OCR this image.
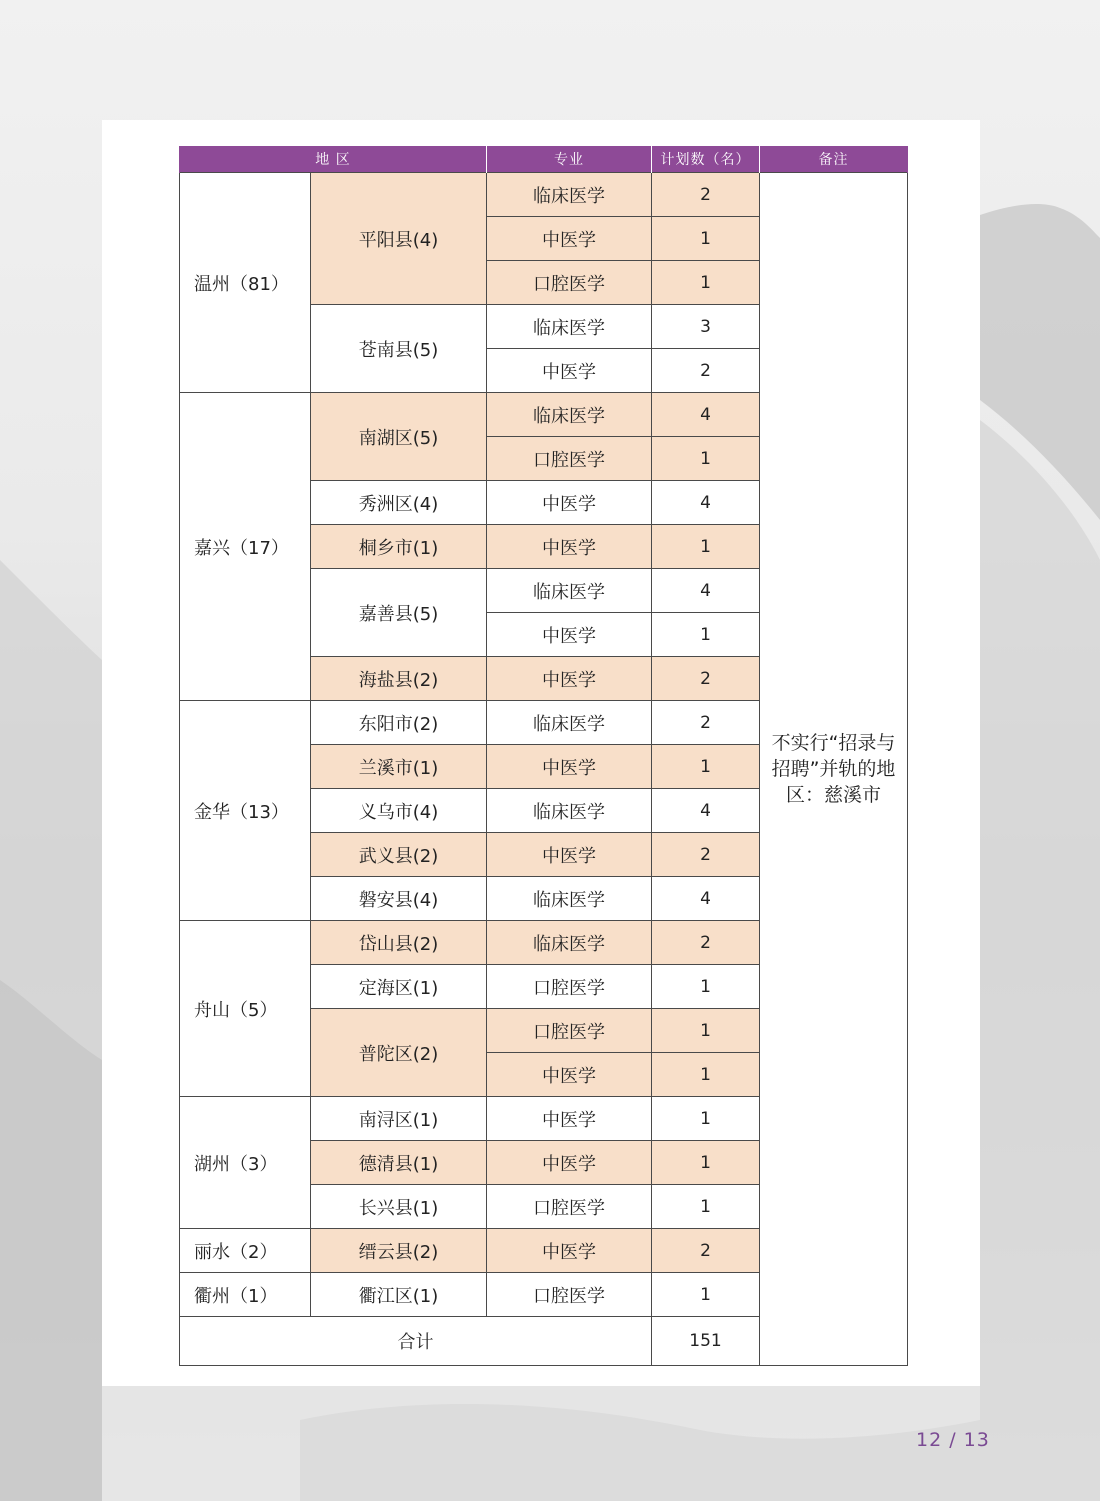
地 区		专业	计划数（名）	备注
温州（81）	平阳县(4)	临床医学	2	不实行“招录与招聘”并轨的地区：慈溪市
		中医学	1	
		口腔医学	1	
	苍南县(5)	临床医学	3	
		中医学	2	
嘉兴（17）	南湖区(5)	临床医学	4	
		口腔医学	1	
	秀洲区(4)	中医学	4	
	桐乡市(1)	中医学	1	
	嘉善县(5)	临床医学	4	
		中医学	1	
	海盐县(2)	中医学	2	
金华（13）	东阳市(2)	临床医学	2	
	兰溪市(1)	中医学	1	
	义乌市(4)	临床医学	4	
	武义县(2)	中医学	2	
	磐安县(4)	临床医学	4	
舟山（5）	岱山县(2)	临床医学	2	
	定海区(1)	口腔医学	1	
	普陀区(2)	口腔医学	1	
		中医学	1	
湖州（3）	南浔区(1)	中医学	1	
	德清县(1)	中医学	1	
	长兴县(1)	口腔医学	1	
丽水（2）	缙云县(2)	中医学	2	
衢州（1）	衢江区(1)	口腔医学	1	
合计			151	
12 / 13
